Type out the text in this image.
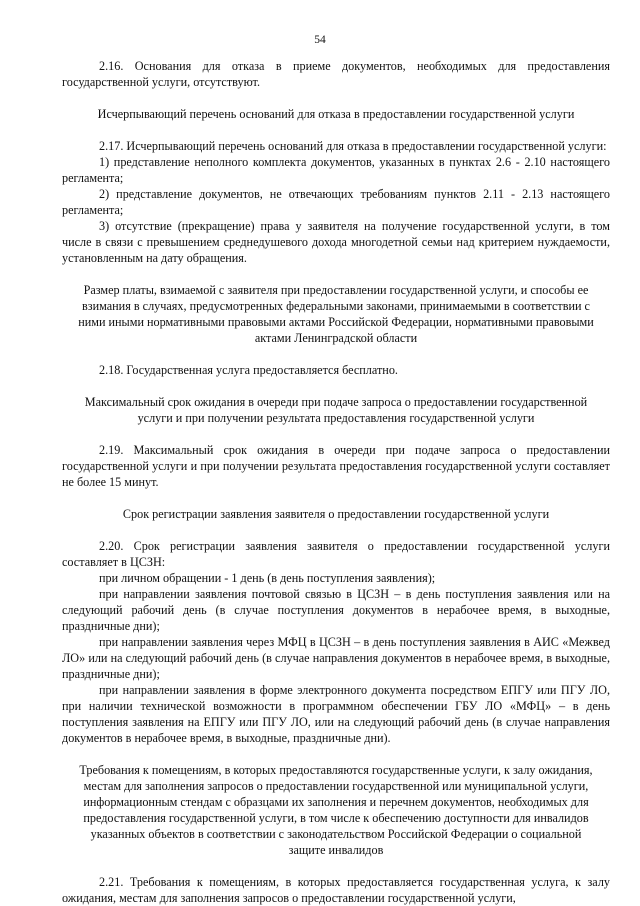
54

2.16. Основания для отказа в приеме документов, необходимых для предоставления государственной услуги, отсутствуют.

Исчерпывающий перечень оснований для отказа в предоставлении государственной услуги

2.17. Исчерпывающий перечень оснований для отказа в предоставлении государственной услуги:

1) представление неполного комплекта документов, указанных в пунктах 2.6 - 2.10 настоящего регламента;

2) представление документов, не отвечающих требованиям пунктов 2.11 - 2.13 настоящего регламента;

3) отсутствие (прекращение) права у заявителя на получение государственной услуги, в том числе в связи с превышением среднедушевого дохода многодетной семьи над критерием нуждаемости, установленным на дату обращения.

Размер платы, взимаемой с заявителя при предоставлении государственной услуги, и способы ее взимания в случаях, предусмотренных федеральными законами, принимаемыми в соответствии с ними иными нормативными правовыми актами Российской Федерации, нормативными правовыми актами Ленинградской области

2.18. Государственная услуга предоставляется бесплатно.

Максимальный срок ожидания в очереди при подаче запроса о предоставлении государственной услуги и при получении результата предоставления государственной услуги

2.19. Максимальный срок ожидания в очереди при подаче запроса о предоставлении государственной услуги и при получении результата предоставления государственной услуги составляет не более 15 минут.

Срок регистрации заявления заявителя о предоставлении государственной услуги

2.20. Срок регистрации заявления заявителя о предоставлении государственной услуги составляет в ЦСЗН:

при личном обращении - 1 день (в день поступления заявления);

при направлении заявления почтовой связью в ЦСЗН – в день поступления заявления или на следующий рабочий день (в случае поступления документов в нерабочее время, в выходные, праздничные дни);

при направлении заявления через МФЦ в ЦСЗН – в день поступления заявления в АИС «Межвед ЛО» или на следующий рабочий день (в случае направления документов в нерабочее время, в выходные, праздничные дни);

при направлении заявления в форме электронного документа посредством ЕПГУ или ПГУ ЛО, при наличии технической возможности в программном обеспечении ГБУ ЛО «МФЦ» – в день поступления заявления на ЕПГУ или ПГУ ЛО, или на следующий рабочий день (в случае направления документов в нерабочее время, в выходные, праздничные дни).

Требования к помещениям, в которых предоставляются государственные услуги, к залу ожидания, местам для заполнения запросов о предоставлении государственной или муниципальной услуги, информационным стендам с образцами их заполнения и перечнем документов, необходимых для предоставления государственной услуги, в том числе к обеспечению доступности для инвалидов указанных объектов в соответствии с законодательством Российской Федерации о социальной защите инвалидов

2.21. Требования к помещениям, в которых предоставляется государственная услуга, к залу ожидания, местам для заполнения запросов о предоставлении государственной услуги,
